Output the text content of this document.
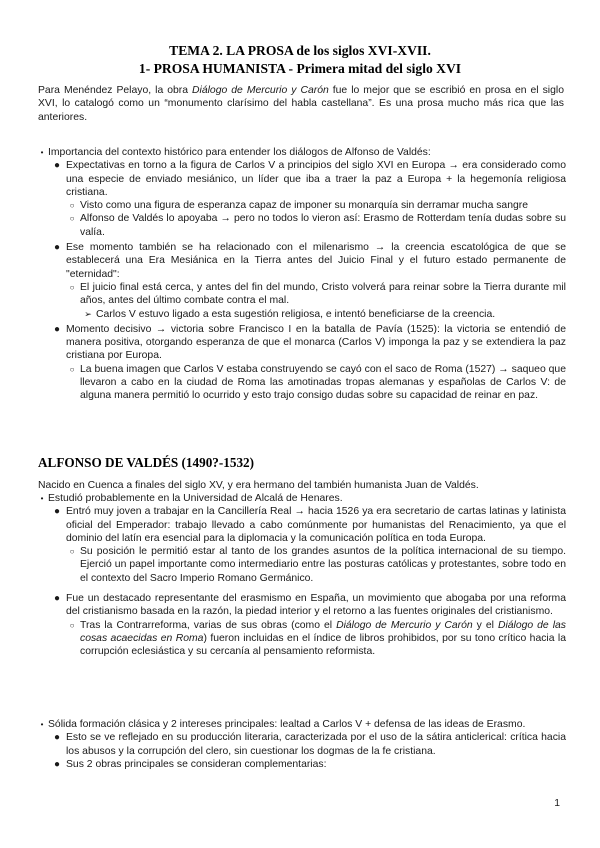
TEMA 2. LA PROSA de los siglos XVI-XVII.
1- PROSA HUMANISTA - Primera mitad del siglo XVI
Para Menéndez Pelayo, la obra Diálogo de Mercurio y Carón fue lo mejor que se escribió en prosa en el siglo XVI, lo catalogó como un “monumento clarísimo del habla castellana”. Es una prosa mucho más rica que las anteriores.
• Importancia del contexto histórico para entender los diálogos de Alfonso de Valdés:
● Expectativas en torno a la figura de Carlos V a principios del siglo XVI en Europa → era considerado como una especie de enviado mesiánico, un líder que iba a traer la paz a Europa + la hegemonía religiosa cristiana.
○ Visto como una figura de esperanza capaz de imponer su monarquía sin derramar mucha sangre
○ Alfonso de Valdés lo apoyaba → pero no todos lo vieron así: Erasmo de Rotterdam tenía dudas sobre su valía.
● Ese momento también se ha relacionado con el milenarismo → la creencia escatológica de que se establecerá una Era Mesiánica en la Tierra antes del Juicio Final y el futuro estado permanente de "eternidad":
○ El juicio final está cerca, y antes del fin del mundo, Cristo volverá para reinar sobre la Tierra durante mil años, antes del último combate contra el mal.
➢ Carlos V estuvo ligado a esta sugestión religiosa, e intentó beneficiarse de la creencia.
● Momento decisivo → victoria sobre Francisco I en la batalla de Pavía (1525): la victoria se entendió de manera positiva, otorgando esperanza de que el monarca (Carlos V) imponga la paz y se extendiera la paz cristiana por Europa.
○ La buena imagen que Carlos V estaba construyendo se cayó con el saco de Roma (1527) → saqueo que llevaron a cabo en la ciudad de Roma las amotinadas tropas alemanas y españolas de Carlos V: de alguna manera permitió lo ocurrido y esto trajo consigo dudas sobre su capacidad de reinar en paz.
ALFONSO DE VALDÉS (1490?-1532)
Nacido en Cuenca a finales del siglo XV, y era hermano del también humanista Juan de Valdés.
• Estudió probablemente en la Universidad de Alcalá de Henares.
● Entró muy joven a trabajar en la Cancillería Real → hacia 1526 ya era secretario de cartas latinas y latinista oficial del Emperador: trabajo llevado a cabo comúnmente por humanistas del Renacimiento, ya que el dominio del latín era esencial para la diplomacia y la comunicación política en toda Europa.
○ Su posición le permitió estar al tanto de los grandes asuntos de la política internacional de su tiempo. Ejerció un papel importante como intermediario entre las posturas católicas y protestantes, sobre todo en el contexto del Sacro Imperio Romano Germánico.
● Fue un destacado representante del erasmismo en España, un movimiento que abogaba por una reforma del cristianismo basada en la razón, la piedad interior y el retorno a las fuentes originales del cristianismo.
○ Tras la Contrarreforma, varias de sus obras (como el Diálogo de Mercurio y Carón y el Diálogo de las cosas acaecidas en Roma) fueron incluidas en el índice de libros prohibidos, por su tono crítico hacia la corrupción eclesiástica y su cercanía al pensamiento reformista.
• Sólida formación clásica y 2 intereses principales: lealtad a Carlos V + defensa de las ideas de Erasmo.
● Esto se ve reflejado en su producción literaria, caracterizada por el uso de la sátira anticlerical: crítica hacia los abusos y la corrupción del clero, sin cuestionar los dogmas de la fe cristiana.
● Sus 2 obras principales se consideran complementarias:
1
